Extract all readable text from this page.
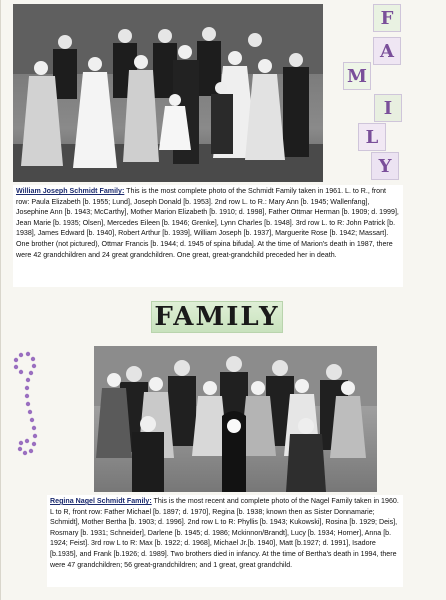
F
A
M
I
L
Y
William Joseph Schmidt Family: This is the most complete photo of the Schmidt Family taken in 1961. L. to R., front row: Paula Elizabeth [b. 1955; Lund], Joseph Donald [b. 1953]. 2nd row L. to R.: Mary Ann [b. 1945; Wallenfang], Josephine Ann [b. 1943; McCarthy], Mother Marion Elizabeth [b. 1910; d. 1998], Father Ottmar Herman [b. 1909; d. 1999], Jean Marie [b. 1935; Olsen], Mercedes Eileen [b. 1946; Grenke], Lynn Charles [b. 1948]. 3rd row L. to R: John Patrick [b. 1938], James Edward [b. 1940], Robert Arthur [b. 1939], William Joseph [b. 1937], Marguerite Rose [b. 1942; Massart]. One brother (not pictured), Ottmar Francis [b. 1944; d. 1945 of spina bifuda]. At the time of Marion's death in 1987, there were 42 grandchildren and 24 great grandchildren. One great, great-grandchild preceded her in death.
FAMILY
Regina Nagel Schmidt Family: This is the most recent and complete photo of the Nagel Family taken in 1960. L to R, front row: Father Michael [b. 1897; d. 1970], Regina [b. 1938; known then as Sister Donnamarie; Schmidt], Mother Bertha [b. 1903; d. 1996]. 2nd row L to R: Phyllis [b. 1943; Kukowski], Rosina [b. 1929; Deis], Rosmary [b. 1931; Schneider], Darlene [b. 1945; d. 1986; Mckinnon/Brandt], Lucy [b. 1934; Horner], Anna [b. 1924; Feist]. 3rd row L to R: Max [b. 1922; d. 1968], Michael Jr.[b. 1940], Matt [b.1927; d. 1991], Isadore [b.1935], and Frank [b.1926; d. 1989]. Two brothers died in infancy. At the time of Bertha's death in 1994, there were 47 grandchildren; 56 great-grandchildren; and 1 great, great grandchild.
